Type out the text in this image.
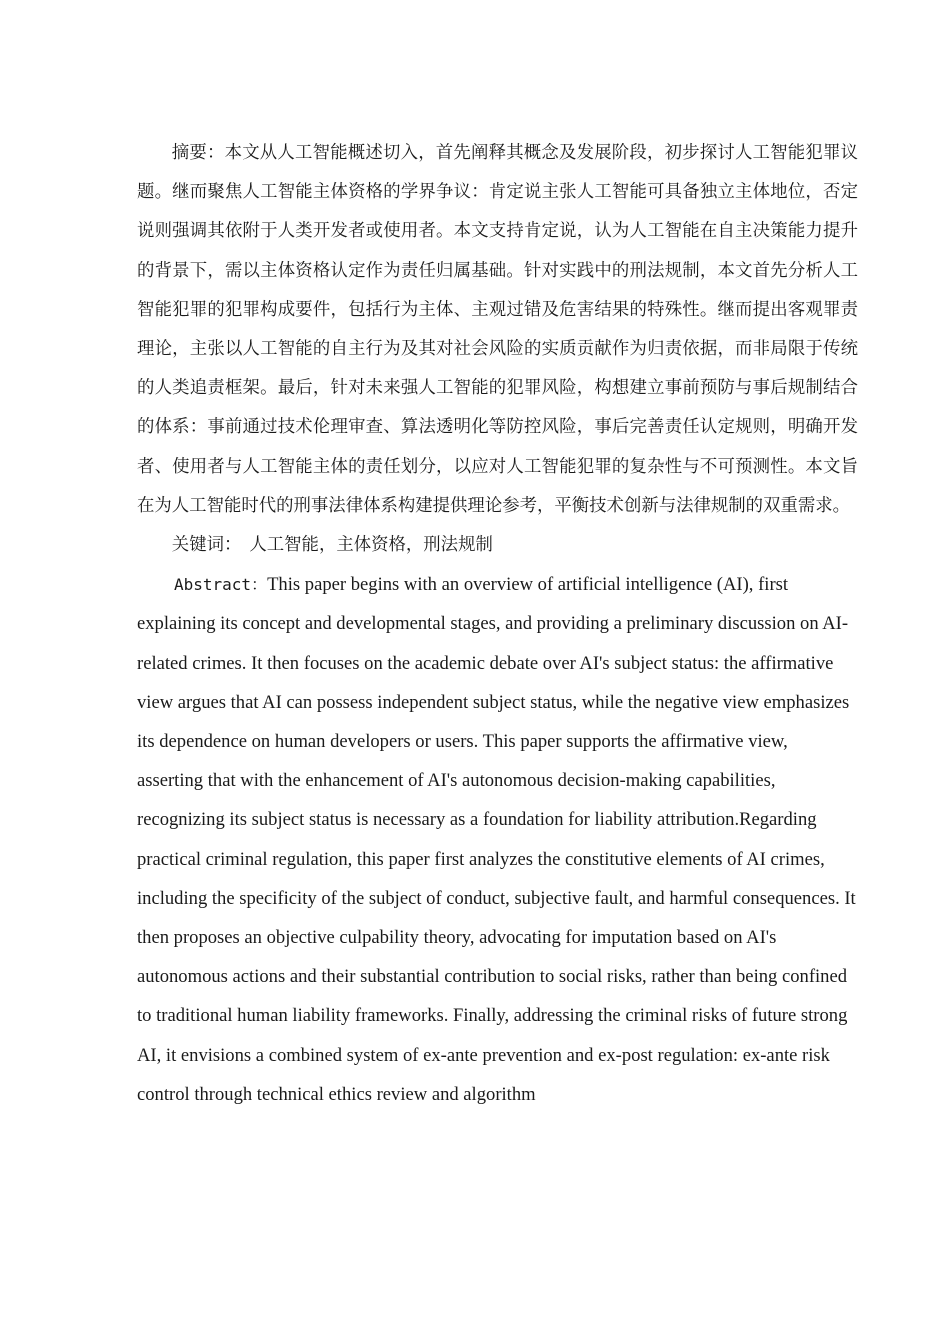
摘要：本文从人工智能概述切入，首先阐释其概念及发展阶段，初步探讨人工智能犯罪议题。继而聚焦人工智能主体资格的学界争议：肯定说主张人工智能可具备独立主体地位，否定说则强调其依附于人类开发者或使用者。本文支持肯定说，认为人工智能在自主决策能力提升的背景下，需以主体资格认定作为责任归属基础。针对实践中的刑法规制，本文首先分析人工智能犯罪的犯罪构成要件，包括行为主体、主观过错及危害结果的特殊性。继而提出客观罪责理论，主张以人工智能的自主行为及其对社会风险的实质贡献作为归责依据，而非局限于传统的人类追责框架。最后，针对未来强人工智能的犯罪风险，构想建立事前预防与事后规制结合的体系：事前通过技术伦理审查、算法透明化等防控风险，事后完善责任认定规则，明确开发者、使用者与人工智能主体的责任划分，以应对人工智能犯罪的复杂性与不可预测性。本文旨在为人工智能时代的刑事法律体系构建提供理论参考，平衡技术创新与法律规制的双重需求。

关键词： 人工智能，主体资格，刑法规制

Abstract：This paper begins with an overview of artificial intelligence (AI), first explaining its concept and developmental stages, and providing a preliminary discussion on AI-related crimes. It then focuses on the academic debate over AI's subject status: the affirmative view argues that AI can possess independent subject status, while the negative view emphasizes its dependence on human developers or users. This paper supports the affirmative view, asserting that with the enhancement of AI's autonomous decision-making capabilities, recognizing its subject status is necessary as a foundation for liability attribution.Regarding practical criminal regulation, this paper first analyzes the constitutive elements of AI crimes, including the specificity of the subject of conduct, subjective fault, and harmful consequences. It then proposes an objective culpability theory, advocating for imputation based on AI's autonomous actions and their substantial contribution to social risks, rather than being confined to traditional human liability frameworks. Finally, addressing the criminal risks of future strong AI, it envisions a combined system of ex-ante prevention and ex-post regulation: ex-ante risk control through technical ethics review and algorithm
